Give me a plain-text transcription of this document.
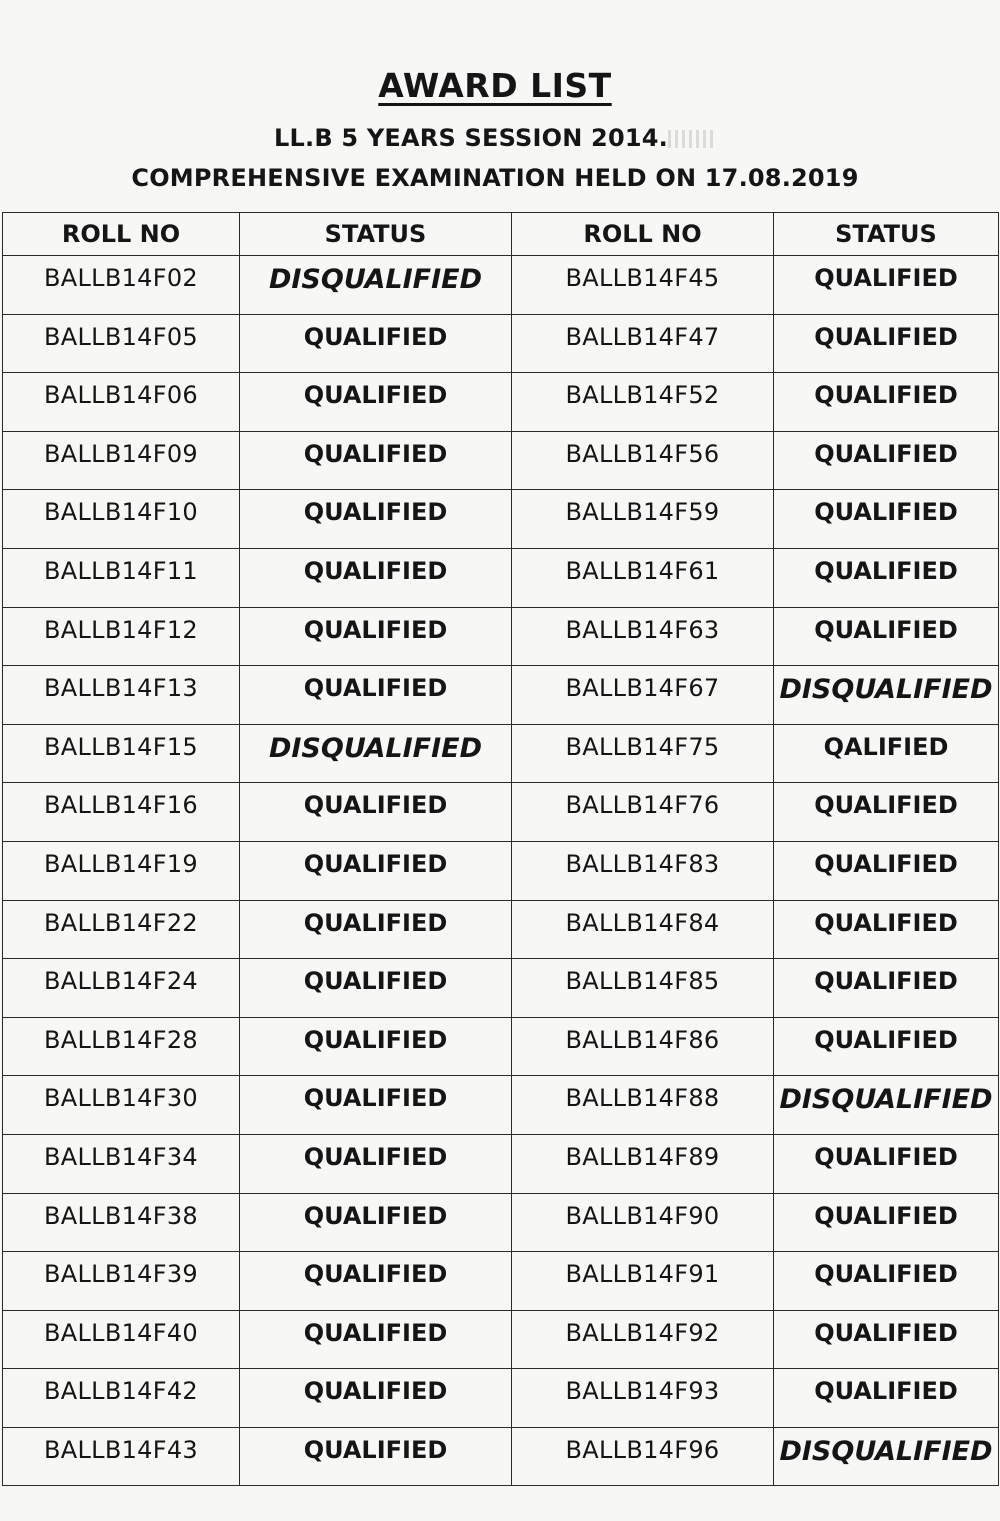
AWARD LIST
LL.B 5 YEARS SESSION 2014.
COMPREHENSIVE EXAMINATION HELD ON 17.08.2019
ROLL NO	STATUS	ROLL NO	STATUS
BALLB14F02	DISQUALIFIED	BALLB14F45	QUALIFIED
BALLB14F05	QUALIFIED	BALLB14F47	QUALIFIED
BALLB14F06	QUALIFIED	BALLB14F52	QUALIFIED
BALLB14F09	QUALIFIED	BALLB14F56	QUALIFIED
BALLB14F10	QUALIFIED	BALLB14F59	QUALIFIED
BALLB14F11	QUALIFIED	BALLB14F61	QUALIFIED
BALLB14F12	QUALIFIED	BALLB14F63	QUALIFIED
BALLB14F13	QUALIFIED	BALLB14F67	DISQUALIFIED
BALLB14F15	DISQUALIFIED	BALLB14F75	QALIFIED
BALLB14F16	QUALIFIED	BALLB14F76	QUALIFIED
BALLB14F19	QUALIFIED	BALLB14F83	QUALIFIED
BALLB14F22	QUALIFIED	BALLB14F84	QUALIFIED
BALLB14F24	QUALIFIED	BALLB14F85	QUALIFIED
BALLB14F28	QUALIFIED	BALLB14F86	QUALIFIED
BALLB14F30	QUALIFIED	BALLB14F88	DISQUALIFIED
BALLB14F34	QUALIFIED	BALLB14F89	QUALIFIED
BALLB14F38	QUALIFIED	BALLB14F90	QUALIFIED
BALLB14F39	QUALIFIED	BALLB14F91	QUALIFIED
BALLB14F40	QUALIFIED	BALLB14F92	QUALIFIED
BALLB14F42	QUALIFIED	BALLB14F93	QUALIFIED
BALLB14F43	QUALIFIED	BALLB14F96	DISQUALIFIED
